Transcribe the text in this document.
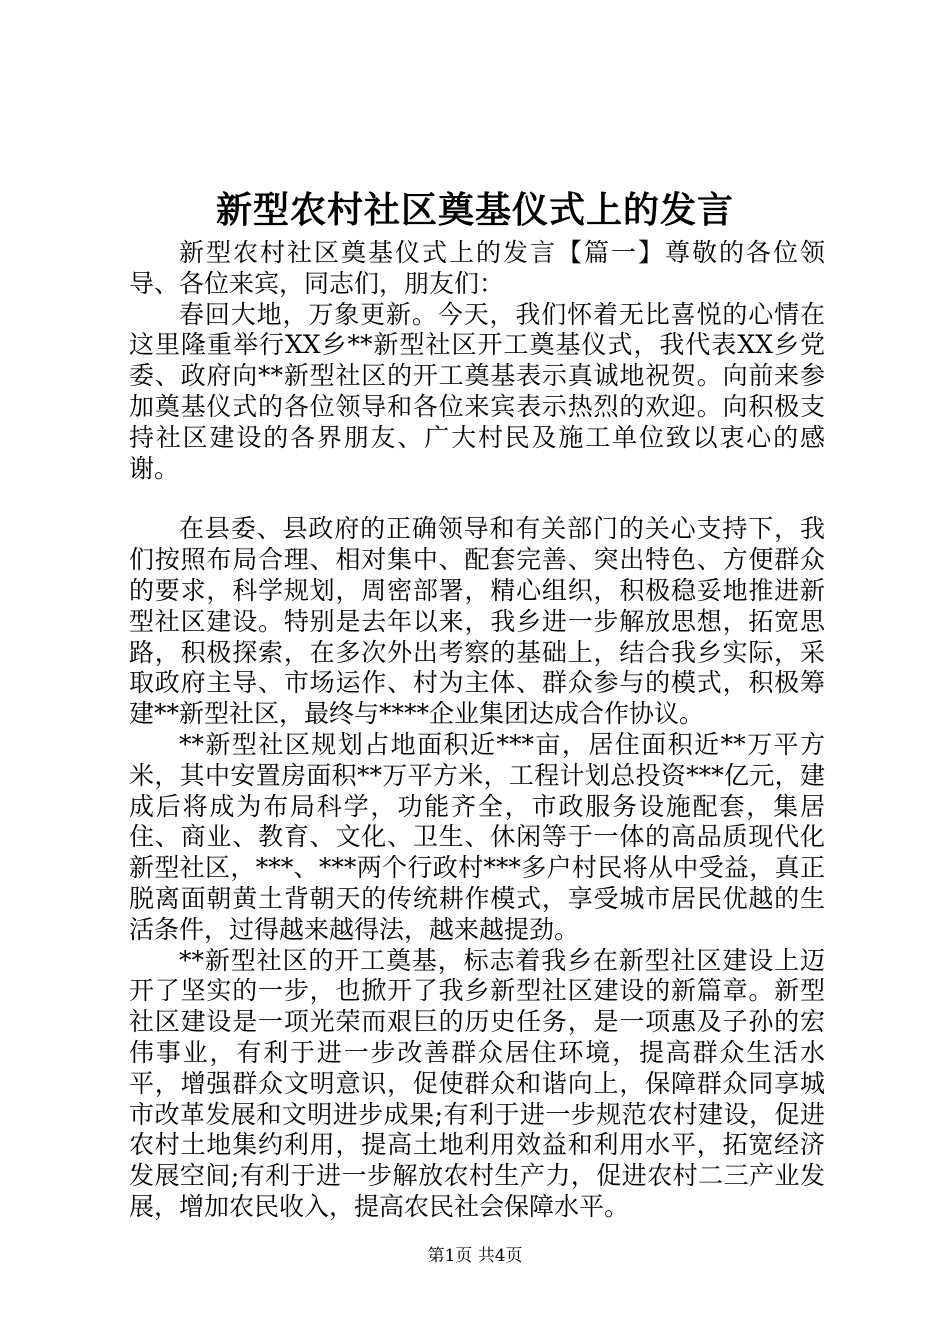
新型农村社区奠基仪式上的发言

新型农村社区奠基仪式上的发言【篇一】尊敬的各位领导、各位来宾，同志们，朋友们：

春回大地，万象更新。今天，我们怀着无比喜悦的心情在这里隆重举行XX乡**新型社区开工奠基仪式，我代表XX乡党委、政府向**新型社区的开工奠基表示真诚地祝贺。向前来参加奠基仪式的各位领导和各位来宾表示热烈的欢迎。向积极支持社区建设的各界朋友、广大村民及施工单位致以衷心的感谢。

在县委、县政府的正确领导和有关部门的关心支持下，我们按照布局合理、相对集中、配套完善、突出特色、方便群众的要求，科学规划，周密部署，精心组织，积极稳妥地推进新型社区建设。特别是去年以来，我乡进一步解放思想，拓宽思路，积极探索，在多次外出考察的基础上，结合我乡实际，采取政府主导、市场运作、村为主体、群众参与的模式，积极筹建**新型社区，最终与****企业集团达成合作协议。

**新型社区规划占地面积近***亩，居住面积近**万平方米，其中安置房面积**万平方米，工程计划总投资***亿元，建成后将成为布局科学，功能齐全，市政服务设施配套，集居住、商业、教育、文化、卫生、休闲等于一体的高品质现代化新型社区，***、***两个行政村***多户村民将从中受益，真正脱离面朝黄土背朝天的传统耕作模式，享受城市居民优越的生活条件，过得越来越得法，越来越提劲。

**新型社区的开工奠基，标志着我乡在新型社区建设上迈开了坚实的一步，也掀开了我乡新型社区建设的新篇章。新型社区建设是一项光荣而艰巨的历史任务，是一项惠及子孙的宏伟事业，有利于进一步改善群众居住环境，提高群众生活水平，增强群众文明意识，促使群众和谐向上，保障群众同享城市改革发展和文明进步成果;有利于进一步规范农村建设，促进农村土地集约利用，提高土地利用效益和利用水平，拓宽经济发展空间;有利于进一步解放农村生产力，促进农村二三产业发展，增加农民收入，提高农民社会保障水平。

第1页 共4页
